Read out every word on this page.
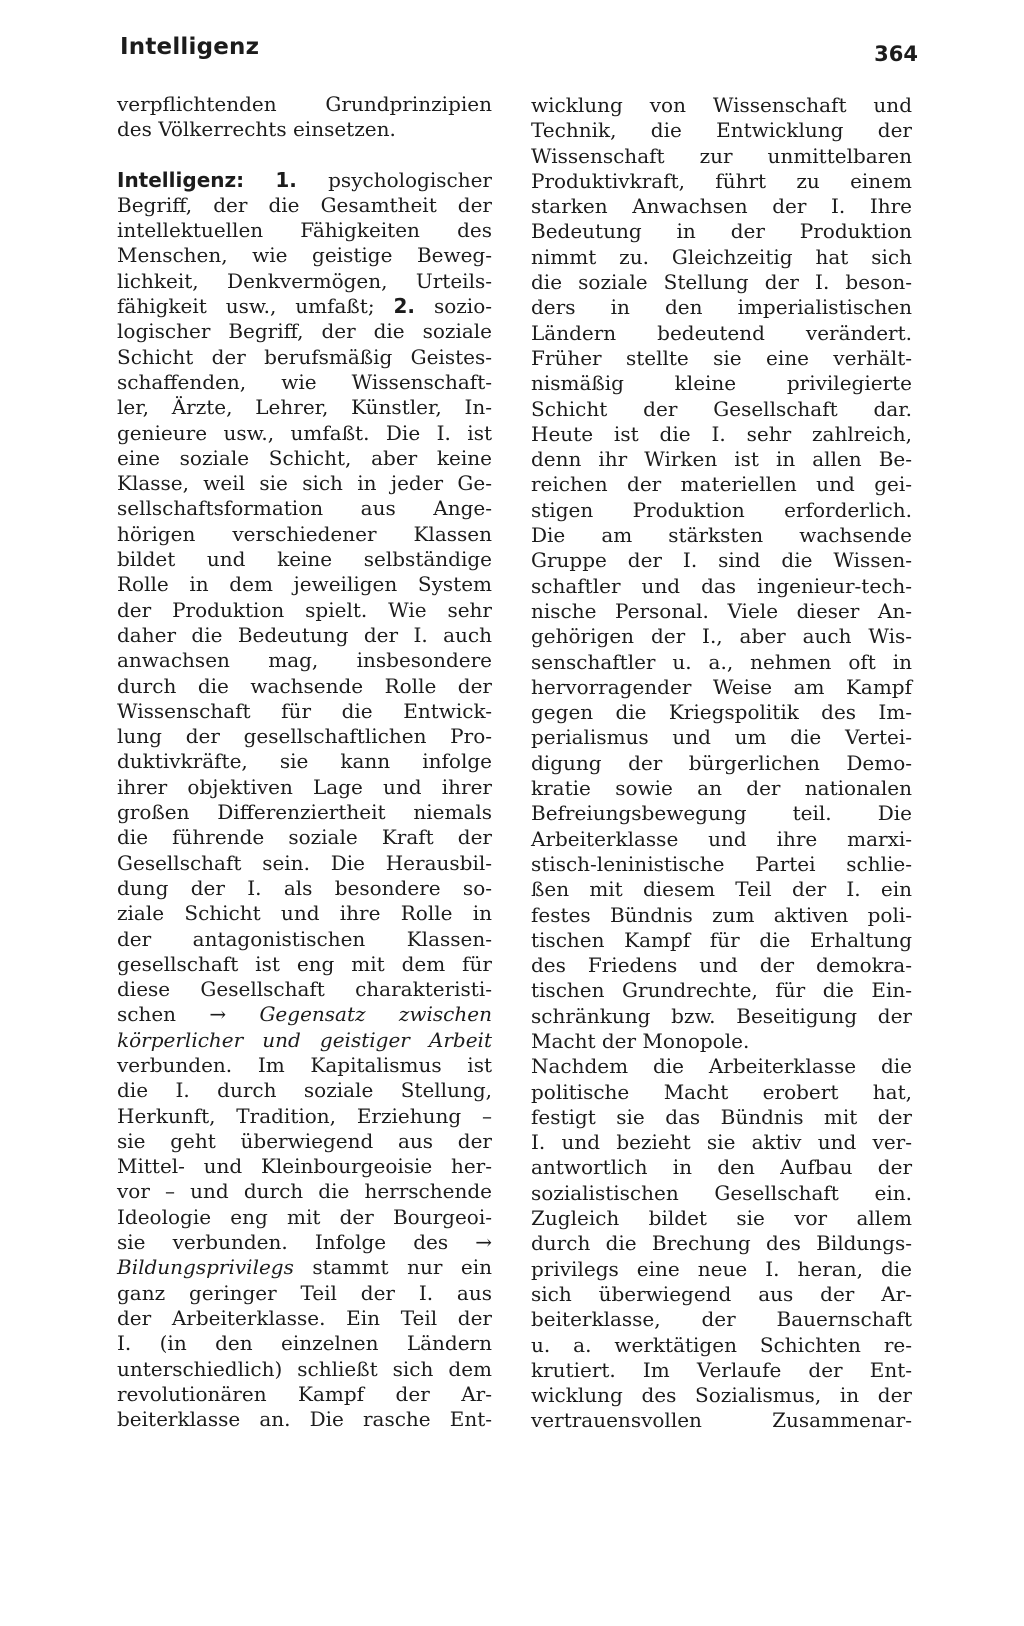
Intelligenz	364
verpflichtenden Grundprinzipien
des Völkerrechts einsetzen.
Intelligenz: 1. psychologischer
Begriff, der die Gesamtheit der
intellektuellen Fähigkeiten des
Menschen, wie geistige Beweg-
lichkeit, Denkvermögen, Urteils-
fähigkeit usw., umfaßt; 2. sozio-
logischer Begriff, der die soziale
Schicht der berufsmäßig Geistes-
schaffenden, wie Wissenschaft-
ler, Ärzte, Lehrer, Künstler, In-
genieure usw., umfaßt. Die I. ist
eine soziale Schicht, aber keine
Klasse, weil sie sich in jeder Ge-
sellschaftsformation aus Ange-
hörigen verschiedener Klassen
bildet und keine selbständige
Rolle in dem jeweiligen System
der Produktion spielt. Wie sehr
daher die Bedeutung der I. auch
anwachsen mag, insbesondere
durch die wachsende Rolle der
Wissenschaft für die Entwick-
lung der gesellschaftlichen Pro-
duktivkräfte, sie kann infolge
ihrer objektiven Lage und ihrer
großen Differenziertheit niemals
die führende soziale Kraft der
Gesellschaft sein. Die Herausbil-
dung der I. als besondere so-
ziale Schicht und ihre Rolle in
der antagonistischen Klassen-
gesellschaft ist eng mit dem für
diese Gesellschaft charakteristi-
schen → Gegensatz zwischen
körperlicher und geistiger Arbeit
verbunden. Im Kapitalismus ist
die I. durch soziale Stellung,
Herkunft, Tradition, Erziehung –
sie geht überwiegend aus der
Mittel- und Kleinbourgeoisie her-
vor – und durch die herrschende
Ideologie eng mit der Bourgeoi-
sie verbunden. Infolge des →
Bildungsprivilegs stammt nur ein
ganz geringer Teil der I. aus
der Arbeiterklasse. Ein Teil der
I. (in den einzelnen Ländern
unterschiedlich) schließt sich dem
revolutionären Kampf der Ar-
beiterklasse an. Die rasche Ent-
wicklung von Wissenschaft und
Technik, die Entwicklung der
Wissenschaft zur unmittelbaren
Produktivkraft, führt zu einem
starken Anwachsen der I. Ihre
Bedeutung in der Produktion
nimmt zu. Gleichzeitig hat sich
die soziale Stellung der I. beson-
ders in den imperialistischen
Ländern bedeutend verändert.
Früher stellte sie eine verhält-
nismäßig kleine privilegierte
Schicht der Gesellschaft dar.
Heute ist die I. sehr zahlreich,
denn ihr Wirken ist in allen Be-
reichen der materiellen und gei-
stigen Produktion erforderlich.
Die am stärksten wachsende
Gruppe der I. sind die Wissen-
schaftler und das ingenieur-tech-
nische Personal. Viele dieser An-
gehörigen der I., aber auch Wis-
senschaftler u. a., nehmen oft in
hervorragender Weise am Kampf
gegen die Kriegspolitik des Im-
perialismus und um die Vertei-
digung der bürgerlichen Demo-
kratie sowie an der nationalen
Befreiungsbewegung teil. Die
Arbeiterklasse und ihre marxi-
stisch-leninistische Partei schlie-
ßen mit diesem Teil der I. ein
festes Bündnis zum aktiven poli-
tischen Kampf für die Erhaltung
des Friedens und der demokra-
tischen Grundrechte, für die Ein-
schränkung bzw. Beseitigung der
Macht der Monopole.
Nachdem die Arbeiterklasse die
politische Macht erobert hat,
festigt sie das Bündnis mit der
I. und bezieht sie aktiv und ver-
antwortlich in den Aufbau der
sozialistischen Gesellschaft ein.
Zugleich bildet sie vor allem
durch die Brechung des Bildungs-
privilegs eine neue I. heran, die
sich überwiegend aus der Ar-
beiterklasse, der Bauernschaft
u. a. werktätigen Schichten re-
krutiert. Im Verlaufe der Ent-
wicklung des Sozialismus, in der
vertrauensvollen Zusammenar-
